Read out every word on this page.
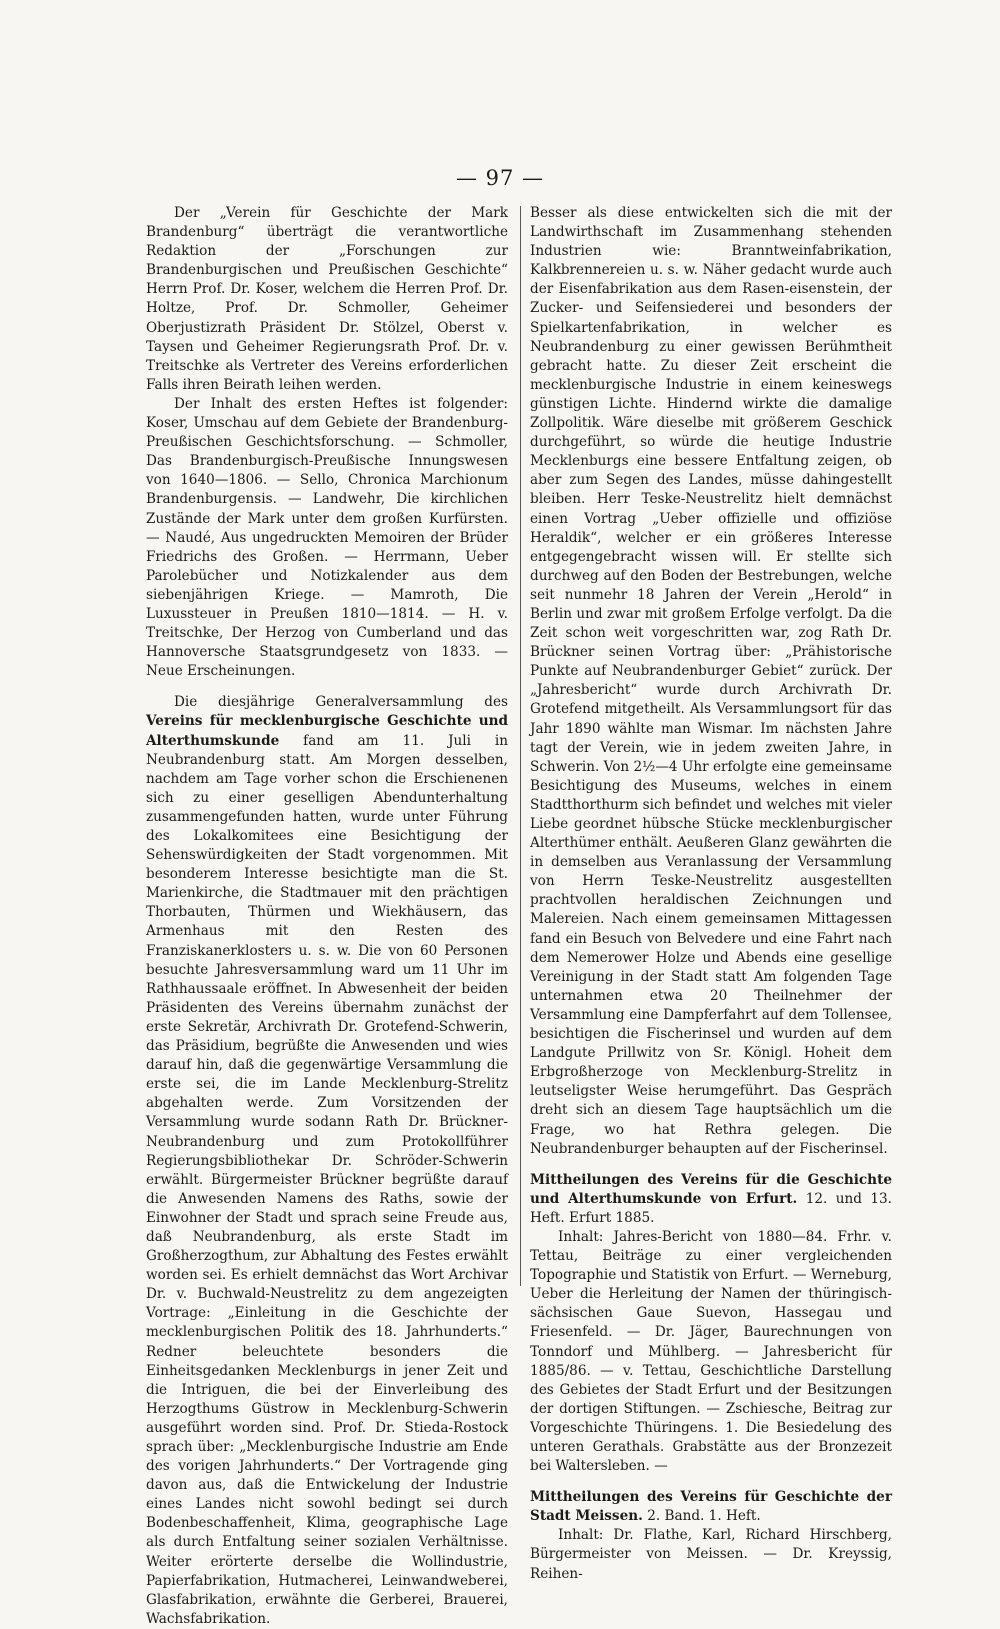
— 97 —

Der „Verein für Geschichte der Mark Brandenburg“ überträgt die verantwortliche Redaktion der „Forschungen zur Brandenburgischen und Preußischen Geschichte“ Herrn Prof. Dr. Koser, welchem die Herren Prof. Dr. Holtze, Prof. Dr. Schmoller, Geheimer Oberjustizrath Präsident Dr. Stölzel, Oberst v. Taysen und Geheimer Regierungsrath Prof. Dr. v. Treitschke als Vertreter des Vereins erforderlichen Falls ihren Beirath leihen werden.

Der Inhalt des ersten Heftes ist folgender: Koser, Umschau auf dem Gebiete der Brandenburg-Preußischen Geschichtsforschung. — Schmoller, Das Brandenburgisch-Preußische Innungswesen von 1640—1806. — Sello, Chronica Marchionum Brandenburgensis. — Landwehr, Die kirchlichen Zustände der Mark unter dem großen Kurfürsten. — Naudé, Aus ungedruckten Memoiren der Brüder Friedrichs des Großen. — Herrmann, Ueber Parolebücher und Notizkalender aus dem siebenjährigen Kriege. — Mamroth, Die Luxussteuer in Preußen 1810—1814. — H. v. Treitschke, Der Herzog von Cumberland und das Hannoversche Staatsgrundgesetz von 1833. — Neue Erscheinungen.

Die diesjährige Generalversammlung des Vereins für mecklenburgische Geschichte und Alterthumskunde fand am 11. Juli in Neubrandenburg statt. Am Morgen desselben, nachdem am Tage vorher schon die Erschienenen sich zu einer geselligen Abendunterhaltung zusammengefunden hatten, wurde unter Führung des Lokalkomitees eine Besichtigung der Sehenswürdigkeiten der Stadt vorgenommen. Mit besonderem Interesse besichtigte man die St. Marienkirche, die Stadtmauer mit den prächtigen Thorbauten, Thürmen und Wiekhäusern, das Armenhaus mit den Resten des Franziskanerklosters u. s. w. Die von 60 Personen besuchte Jahresversammlung ward um 11 Uhr im Rathhaussaale eröffnet. In Abwesenheit der beiden Präsidenten des Vereins übernahm zunächst der erste Sekretär, Archivrath Dr. Grotefend-Schwerin, das Präsidium, begrüßte die Anwesenden und wies darauf hin, daß die gegenwärtige Versammlung die erste sei, die im Lande Mecklenburg-Strelitz abgehalten werde. Zum Vorsitzenden der Versammlung wurde sodann Rath Dr. Brückner-Neubrandenburg und zum Protokollführer Regierungsbibliothekar Dr. Schröder-Schwerin erwählt. Bürgermeister Brückner begrüßte darauf die Anwesenden Namens des Raths, sowie der Einwohner der Stadt und sprach seine Freude aus, daß Neubrandenburg, als erste Stadt im Großherzogthum, zur Abhaltung des Festes erwählt worden sei. Es erhielt demnächst das Wort Archivar Dr. v. Buchwald-Neustrelitz zu dem angezeigten Vortrage: „Einleitung in die Geschichte der mecklenburgischen Politik des 18. Jahrhunderts.“ Redner beleuchtete besonders die Einheitsgedanken Mecklenburgs in jener Zeit und die Intriguen, die bei der Einverleibung des Herzogthums Güstrow in Mecklenburg-Schwerin ausgeführt worden sind. Prof. Dr. Stieda-Rostock sprach über: „Mecklenburgische Industrie am Ende des vorigen Jahrhunderts.“ Der Vortragende ging davon aus, daß die Entwickelung der Industrie eines Landes nicht sowohl bedingt sei durch Bodenbeschaffenheit, Klima, geographische Lage als durch Entfaltung seiner sozialen Verhältnisse. Weiter erörterte derselbe die Wollindustrie, Papierfabrikation, Hutmacherei, Leinwandweberei, Glasfabrikation, erwähnte die Gerberei, Brauerei, Wachsfabrikation.

Besser als diese entwickelten sich die mit der Landwirthschaft im Zusammenhang stehenden Industrien wie: Branntweinfabrikation, Kalkbrennereien u. s. w. Näher gedacht wurde auch der Eisenfabrikation aus dem Rasen-eisenstein, der Zucker- und Seifensiederei und besonders der Spielkartenfabrikation, in welcher es Neubrandenburg zu einer gewissen Berühmtheit gebracht hatte. Zu dieser Zeit erscheint die mecklenburgische Industrie in einem keineswegs günstigen Lichte. Hindernd wirkte die damalige Zollpolitik. Wäre dieselbe mit größerem Geschick durchgeführt, so würde die heutige Industrie Mecklenburgs eine bessere Entfaltung zeigen, ob aber zum Segen des Landes, müsse dahingestellt bleiben. Herr Teske-Neustrelitz hielt demnächst einen Vortrag „Ueber offizielle und offiziöse Heraldik“, welcher er ein größeres Interesse entgegengebracht wissen will. Er stellte sich durchweg auf den Boden der Bestrebungen, welche seit nunmehr 18 Jahren der Verein „Herold“ in Berlin und zwar mit großem Erfolge verfolgt. Da die Zeit schon weit vorgeschritten war, zog Rath Dr. Brückner seinen Vortrag über: „Prähistorische Punkte auf Neubrandenburger Gebiet“ zurück. Der „Jahresbericht“ wurde durch Archivrath Dr. Grotefend mitgetheilt. Als Versammlungsort für das Jahr 1890 wählte man Wismar. Im nächsten Jahre tagt der Verein, wie in jedem zweiten Jahre, in Schwerin. Von 2½—4 Uhr erfolgte eine gemeinsame Besichtigung des Museums, welches in einem Stadtthorthurm sich befindet und welches mit vieler Liebe geordnet hübsche Stücke mecklenburgischer Alterthümer enthält. Aeußeren Glanz gewährten die in demselben aus Veranlassung der Versammlung von Herrn Teske-Neustrelitz ausgestellten prachtvollen heraldischen Zeichnungen und Malereien. Nach einem gemeinsamen Mittagessen fand ein Besuch von Belvedere und eine Fahrt nach dem Nemerower Holze und Abends eine gesellige Vereinigung in der Stadt statt Am folgenden Tage unternahmen etwa 20 Theilnehmer der Versammlung eine Dampferfahrt auf dem Tollensee, besichtigen die Fischerinsel und wurden auf dem Landgute Prillwitz von Sr. Königl. Hoheit dem Erbgroßherzoge von Mecklenburg-Strelitz in leutseligster Weise herumgeführt. Das Gespräch dreht sich an diesem Tage hauptsächlich um die Frage, wo hat Rethra gelegen. Die Neubrandenburger behaupten auf der Fischerinsel.

Mittheilungen des Vereins für die Geschichte und Alterthumskunde von Erfurt. 12. und 13. Heft. Erfurt 1885.

Inhalt: Jahres-Bericht von 1880—84. Frhr. v. Tettau, Beiträge zu einer vergleichenden Topographie und Statistik von Erfurt. — Werneburg, Ueber die Herleitung der Namen der thüringisch-sächsischen Gaue Suevon, Hassegau und Friesenfeld. — Dr. Jäger, Baurechnungen von Tonndorf und Mühlberg. — Jahresbericht für 1885/86. — v. Tettau, Geschichtliche Darstellung des Gebietes der Stadt Erfurt und der Besitzungen der dortigen Stiftungen. — Zschiesche, Beitrag zur Vorgeschichte Thüringens. 1. Die Besiedelung des unteren Gerathals. Grabstätte aus der Bronzezeit bei Waltersleben. —

Mittheilungen des Vereins für Geschichte der Stadt Meissen. 2. Band. 1. Heft.

Inhalt: Dr. Flathe, Karl, Richard Hirschberg, Bürgermeister von Meissen. — Dr. Kreyssig, Reihen-
